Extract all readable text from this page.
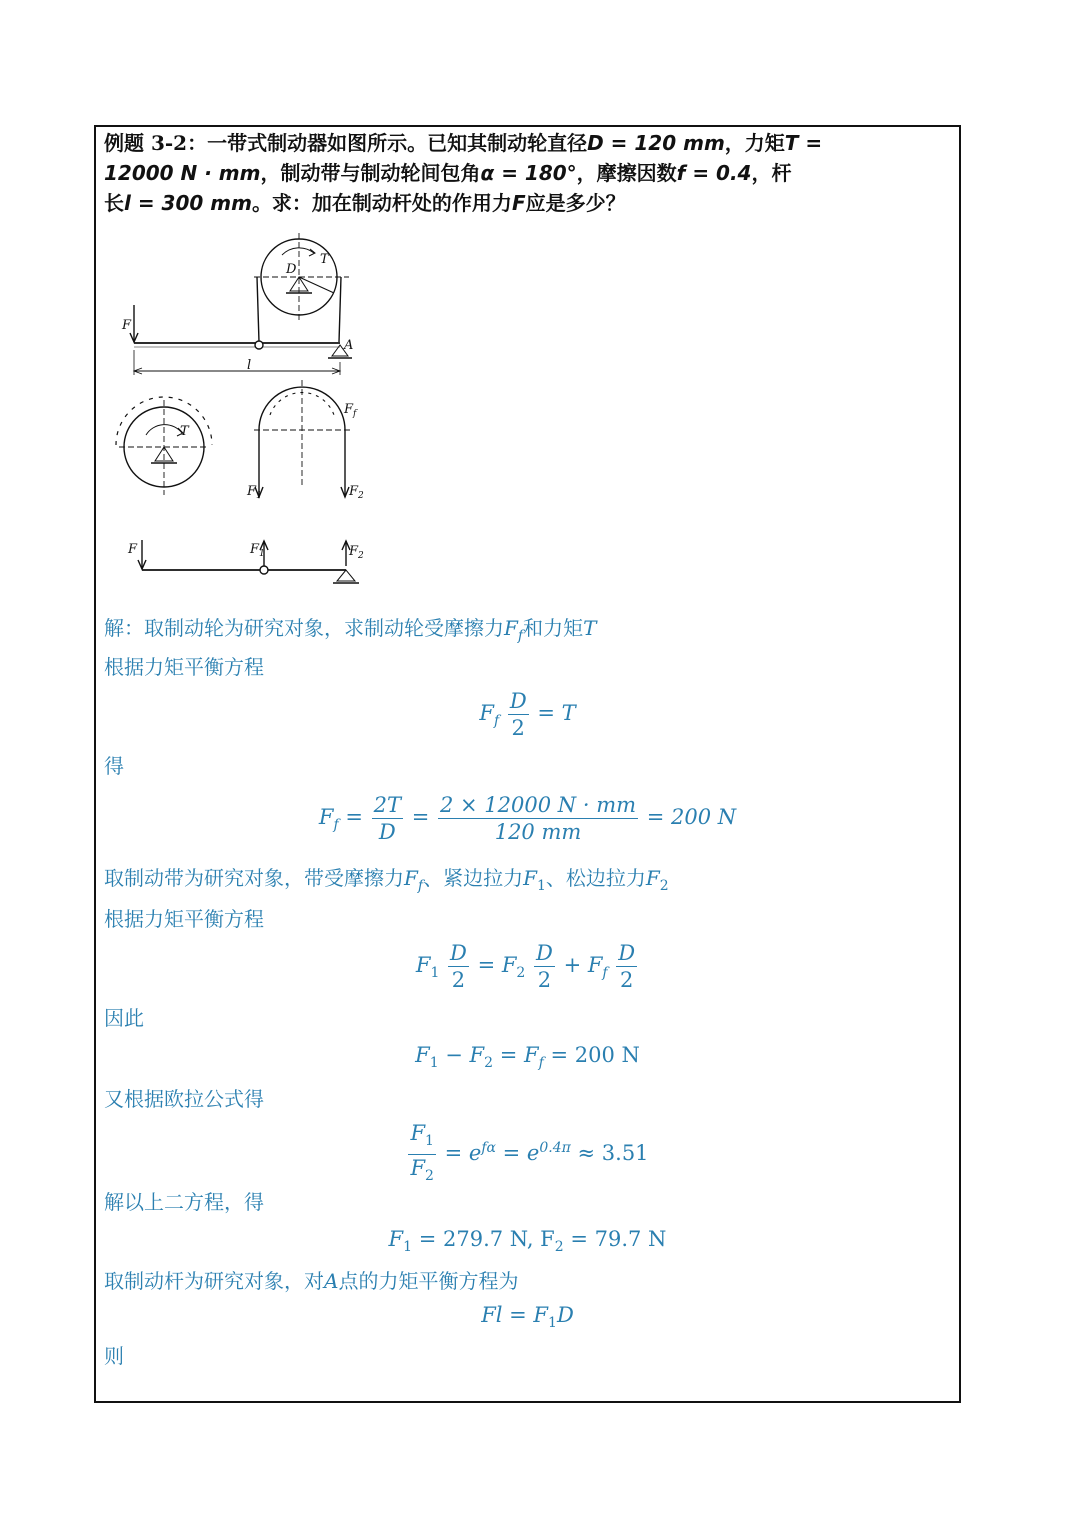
例题 3-2：一带式制动器如图所示。已知其制动轮直径D = 120 mm，力矩T =
12000 N · mm，制动带与制动轮间包角α = 180°，摩擦因数f = 0.4，杆
长l = 300 mm。求：加在制动杆处的作用力F应是多少？
D
T
F
A
l
T
$F_f$
$F_1$	$F_2$
F	$F_1$	$F_2$
解：取制动轮为研究对象，求制动轮受摩擦力$F_f$和力矩T
根据力矩平衡方程
$F_f \frac{D}{2} = T$
得
$F_f = \frac{2T}{D} = \frac{2 \times 12000 N \cdot mm}{120 mm} = 200$ N
取制动带为研究对象，带受摩擦力$F_f$、紧边拉力$F_1$、松边拉力$F_2$
根据力矩平衡方程
$F_1 \frac{D}{2} = F_2 \frac{D}{2} + F_f \frac{D}{2}$
因此
$F_1 - F_2 = F_f = 200$ N
又根据欧拉公式得
$\frac{F_1}{F_2} = e^{f\alpha} = e^{0.4\pi} \approx 3.51$
解以上二方程，得
$F_1 = 279.7$ N, $F_2 = 79.7$ N
取制动杆为研究对象，对A点的力矩平衡方程为
$Fl = F_1D$
则
